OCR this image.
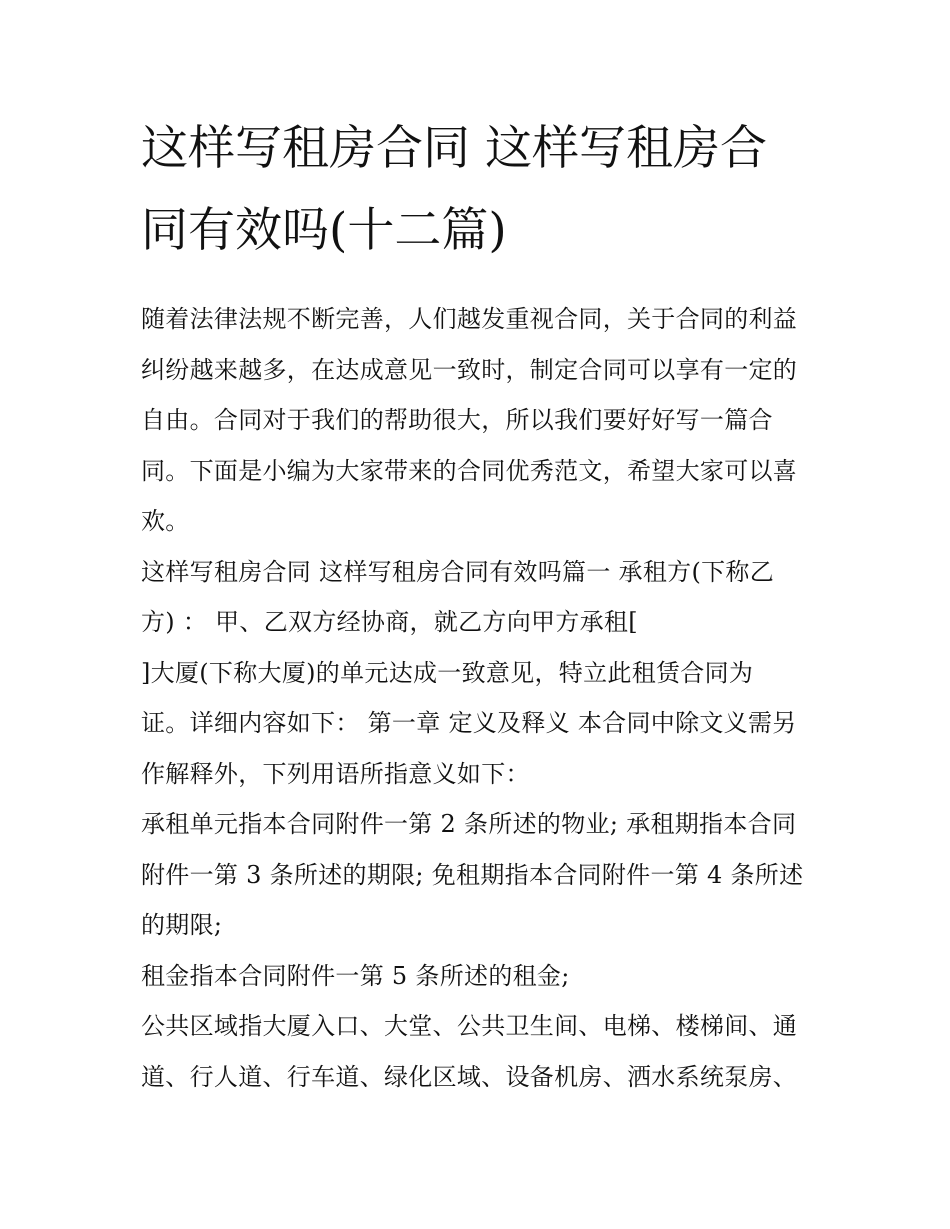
这样写租房合同 这样写租房合
同有效吗(十二篇)

随着法律法规不断完善，人们越发重视合同，关于合同的利益
纠纷越来越多，在达成意见一致时，制定合同可以享有一定的
自由。合同对于我们的帮助很大，所以我们要好好写一篇合
同。下面是小编为大家带来的合同优秀范文，希望大家可以喜
欢。

这样写租房合同 这样写租房合同有效吗篇一 承租方(下称乙
方) ： 甲、乙双方经协商，就乙方向甲方承租[

]大厦(下称大厦)的单元达成一致意见，特立此租赁合同为
证。详细内容如下： 第一章 定义及释义 本合同中除文义需另
作解释外，下列用语所指意义如下：

承租单元指本合同附件一第 2 条所述的物业; 承租期指本合同
附件一第 3 条所述的期限; 免租期指本合同附件一第 4 条所述
的期限;

租金指本合同附件一第 5 条所述的租金;

公共区域指大厦入口、大堂、公共卫生间、电梯、楼梯间、通
道、行人道、行车道、绿化区域、设备机房、洒水系统泵房、
